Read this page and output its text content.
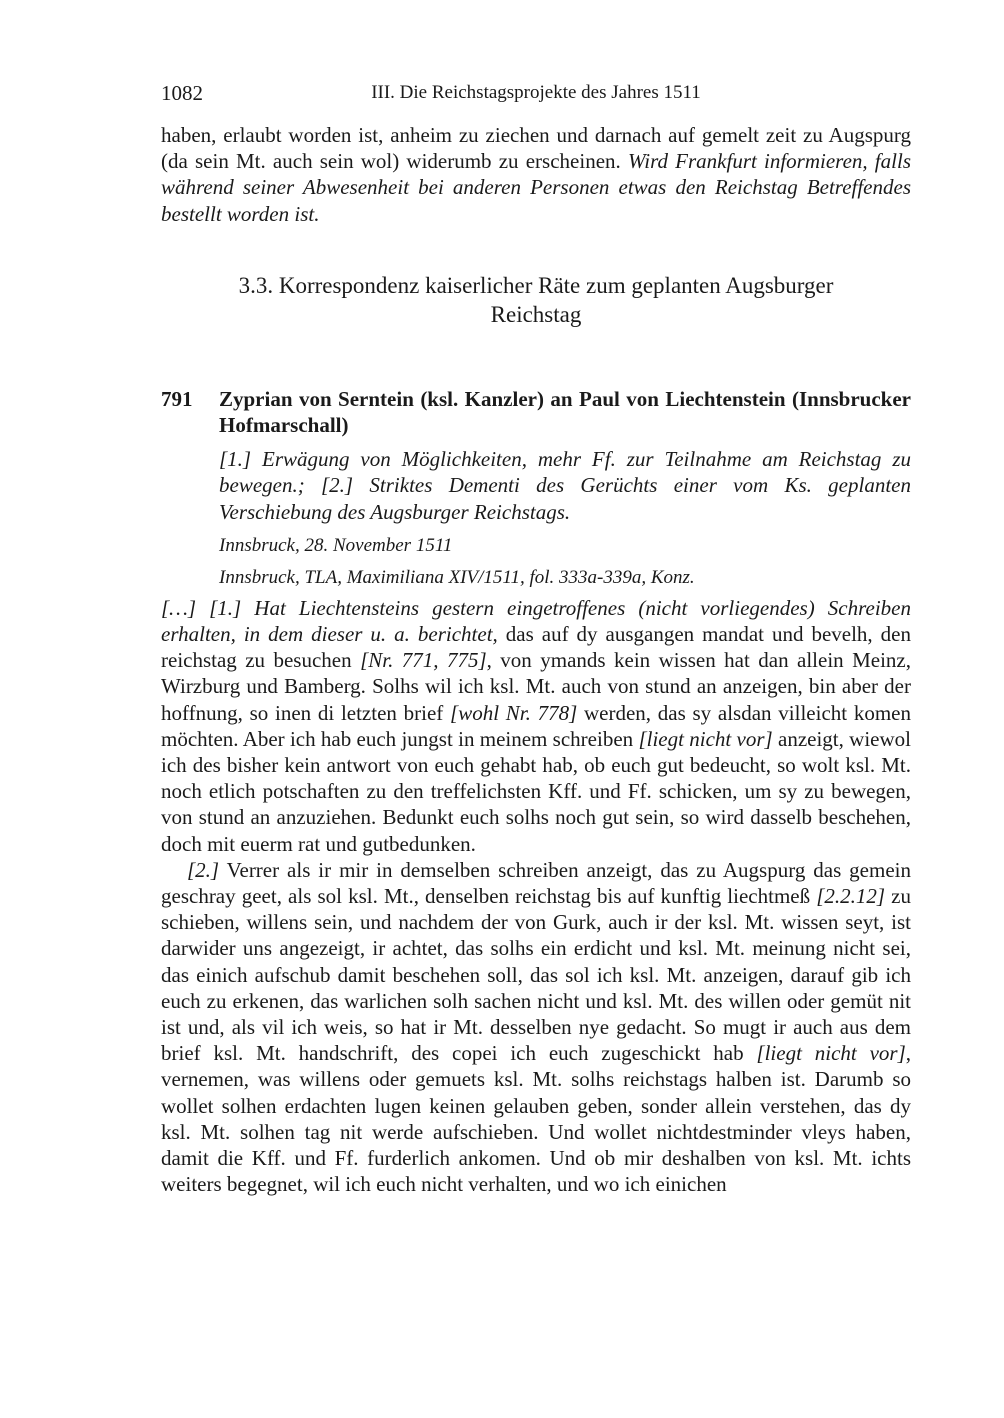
1082	III. Die Reichstagsprojekte des Jahres 1511

haben, erlaubt worden ist, anheim zu ziechen und darnach auf gemelt zeit zu Augspurg (da sein Mt. auch sein wol) widerumb zu erscheinen. Wird Frankfurt informieren, falls während seiner Abwesenheit bei anderen Personen etwas den Reichstag Betreffendes bestellt worden ist.

3.3. Korrespondenz kaiserlicher Räte zum geplanten Augsburger
Reichstag
791 Zyprian von Serntein (ksl. Kanzler) an Paul von Liechtenstein (Innsbrucker Hofmarschall)
[1.] Erwägung von Möglichkeiten, mehr Ff. zur Teilnahme am Reichstag zu bewegen.; [2.] Striktes Dementi des Gerüchts einer vom Ks. geplanten Verschiebung des Augsburger Reichstags.
Innsbruck, 28. November 1511
Innsbruck, TLA, Maximiliana XIV/1511, fol. 333a-339a, Konz.

[…] [1.] Hat Liechtensteins gestern eingetroffenes (nicht vorliegendes) Schreiben erhalten, in dem dieser u. a. berichtet, das auf dy ausgangen mandat und bevelh, den reichstag zu besuchen [Nr. 771, 775], von ymands kein wissen hat dan allein Meinz, Wirzburg und Bamberg. Solhs wil ich ksl. Mt. auch von stund an anzeigen, bin aber der hoffnung, so inen di letzten brief [wohl Nr. 778] werden, das sy alsdan villeicht komen möchten. Aber ich hab euch jungst in meinem schreiben [liegt nicht vor] anzeigt, wiewol ich des bisher kein antwort von euch gehabt hab, ob euch gut bedeucht, so wolt ksl. Mt. noch etlich potschaften zu den treffelichsten Kff. und Ff. schicken, um sy zu bewegen, von stund an anzuziehen. Bedunkt euch solhs noch gut sein, so wird dasselb beschehen, doch mit euerm rat und gutbedunken.

[2.] Verrer als ir mir in demselben schreiben anzeigt, das zu Augspurg das gemein geschray geet, als sol ksl. Mt., denselben reichstag bis auf kunftig liechtmeß [2.2.12] zu schieben, willens sein, und nachdem der von Gurk, auch ir der ksl. Mt. wissen seyt, ist darwider uns angezeigt, ir achtet, das solhs ein erdicht und ksl. Mt. meinung nicht sei, das einich aufschub damit beschehen soll, das sol ich ksl. Mt. anzeigen, darauf gib ich euch zu erkenen, das warlichen solh sachen nicht und ksl. Mt. des willen oder gemüt nit ist und, als vil ich weis, so hat ir Mt. desselben nye gedacht. So mugt ir auch aus dem brief ksl. Mt. handschrift, des copei ich euch zugeschickt hab [liegt nicht vor], vernemen, was willens oder gemuets ksl. Mt. solhs reichstags halben ist. Darumb so wollet solhen erdachten lugen keinen gelauben geben, sonder allein verstehen, das dy ksl. Mt. solhen tag nit werde aufschieben. Und wollet nichtdestminder vleys haben, damit die Kff. und Ff. furderlich ankomen. Und ob mir deshalben von ksl. Mt. ichts weiters begegnet, wil ich euch nicht verhalten, und wo ich einichen
